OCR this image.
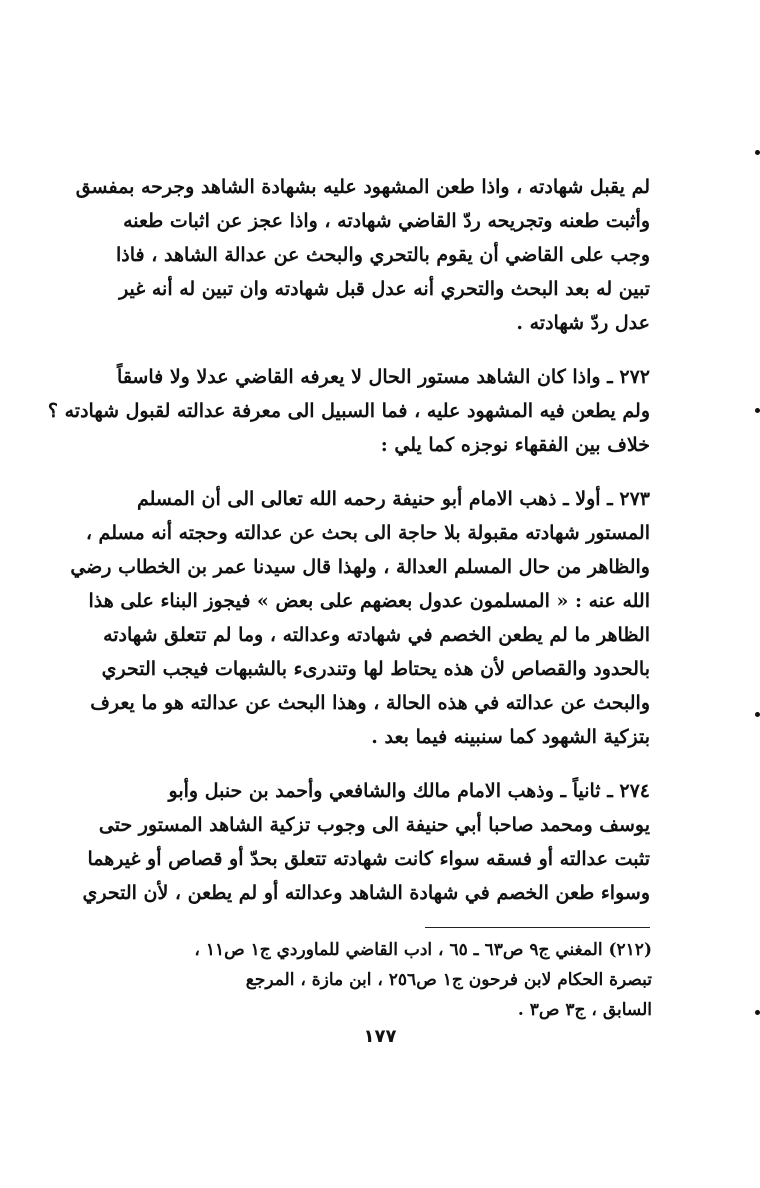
لم يقبل شهادته ، واذا طعن المشهود عليه بشهادة الشاهد وجرحه بمفسق
وأثبت طعنه وتجريحه ردّ القاضي شهادته ، واذا عجز عن اثبات طعنه
وجب على القاضي أن يقوم بالتحري والبحث عن عدالة الشاهد ، فاذا
تبين له بعد البحث والتحري أنه عدل قبل شهادته وان تبين له أنه غير
عدل ردّ شهادته .
٢٧٢ ـ واذا كان الشاهد مستور الحال لا يعرفه القاضي عدلا ولا فاسقاً
ولم يطعن فيه المشهود عليه ، فما السبيل الى معرفة عدالته لقبول شهادته ؟
خلاف بين الفقهاء نوجزه كما يلي :
٢٧٣ ـ أولا ـ ذهب الامام أبو حنيفة رحمه الله تعالى الى أن المسلم
المستور شهادته مقبولة بلا حاجة الى بحث عن عدالته وحجته أنه مسلم ،
والظاهر من حال المسلم العدالة ، ولهذا قال سيدنا عمر بن الخطاب رضي
الله عنه : « المسلمون عدول بعضهم على بعض » فيجوز البناء على هذا
الظاهر ما لم يطعن الخصم في شهادته وعدالته ، وما لم تتعلق شهادته
بالحدود والقصاص لأن هذه يحتاط لها وتندرىء بالشبهات فيجب التحري
والبحث عن عدالته في هذه الحالة ، وهذا البحث عن عدالته هو ما يعرف
بتزكية الشهود كما سنبينه فيما بعد .
٢٧٤ ـ ثانياً ـ وذهب الامام مالك والشافعي وأحمد بن حنبل وأبو
يوسف ومحمد صاحبا أبي حنيفة الى وجوب تزكية الشاهد المستور حتى
تثبت عدالته أو فسقه سواء كانت شهادته تتعلق بحدّ أو قصاص أو غيرهما
وسواء طعن الخصم في شهادة الشاهد وعدالته أو لم يطعن ، لأن التحري
(٢١٢) المغني ج٩ ص٦٣ ـ ٦٥ ، ادب القاضي للماوردي ج١ ص١١ ،
تبصرة الحكام لابن فرحون ج١ ص٢٥٦ ، ابن مازة ، المرجع
السابق ، ج٣ ص٣ .
١٧٧
